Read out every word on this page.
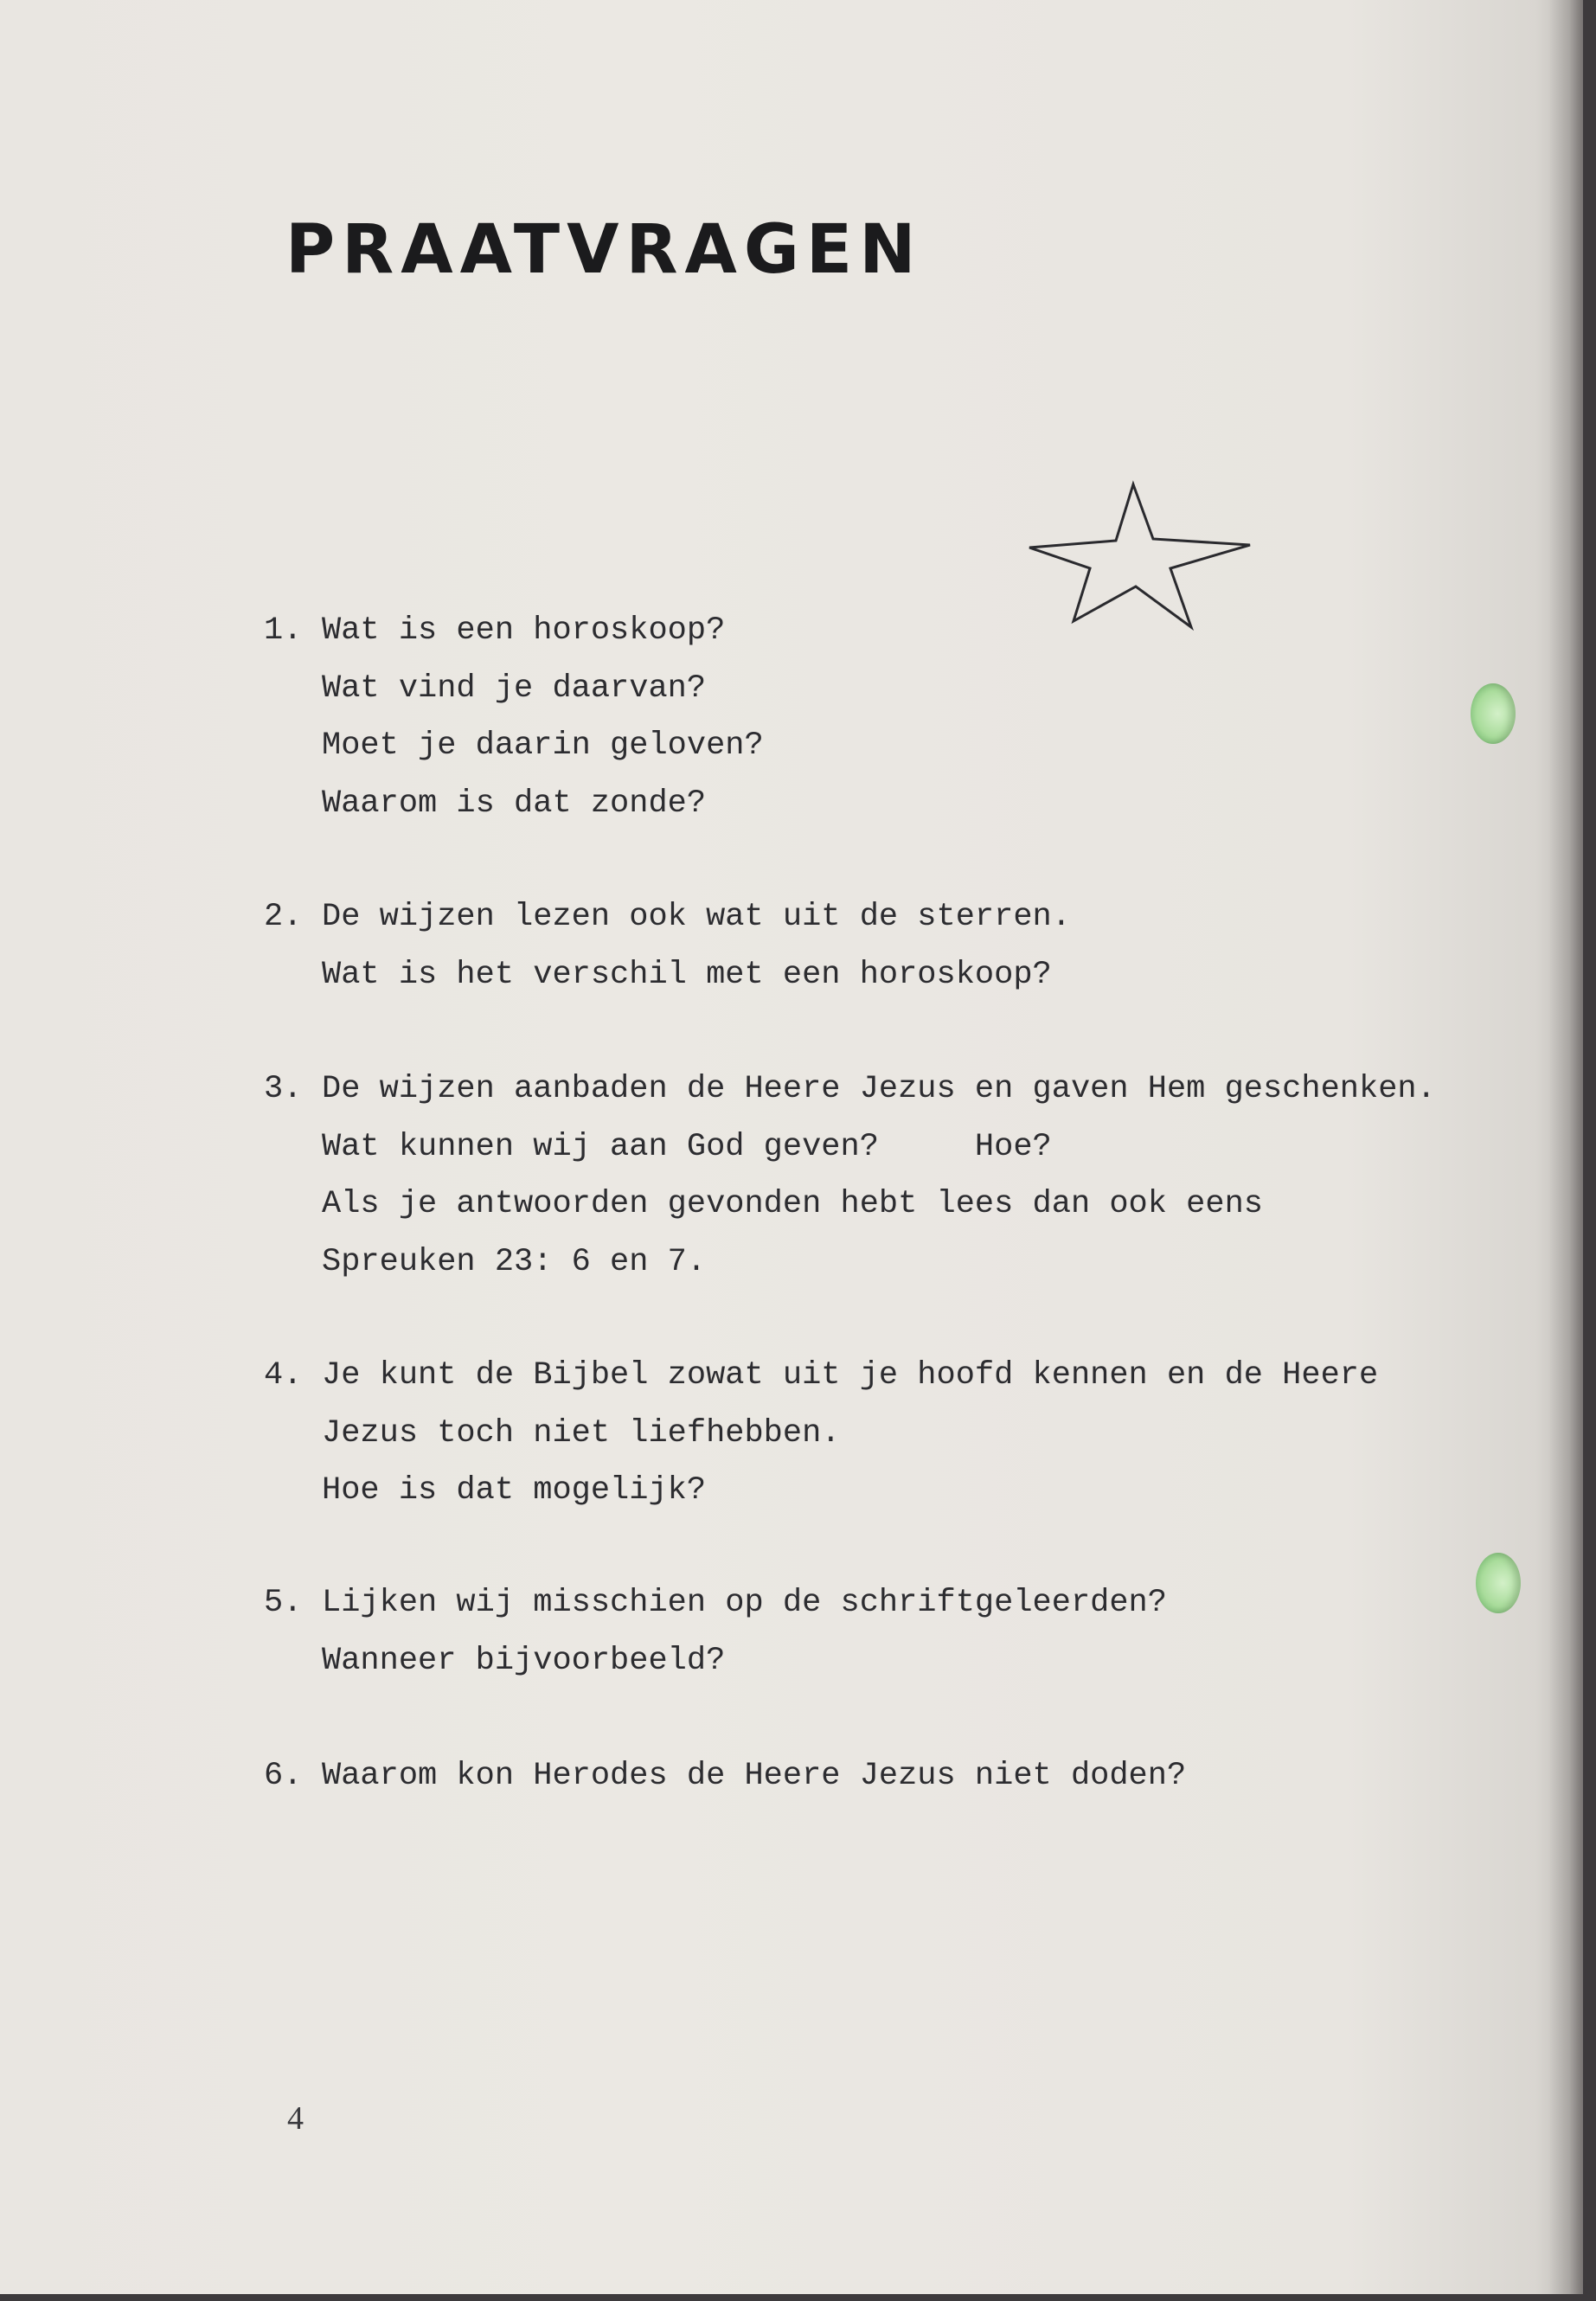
PRAATVRAGEN
1. Wat is een horoskoop?
Wat vind je daarvan?
Moet je daarin geloven?
Waarom is dat zonde?
2. De wijzen lezen ook wat uit de sterren.
Wat is het verschil met een horoskoop?
3. De wijzen aanbaden de Heere Jezus en gaven Hem geschenken.
Wat kunnen wij aan God geven?     Hoe?
Als je antwoorden gevonden hebt lees dan ook eens
Spreuken 23: 6 en 7.
4. Je kunt de Bijbel zowat uit je hoofd kennen en de Heere
Jezus toch niet liefhebben.
Hoe is dat mogelijk?
5. Lijken wij misschien op de schriftgeleerden?
Wanneer bijvoorbeeld?
6. Waarom kon Herodes de Heere Jezus niet doden?
4
